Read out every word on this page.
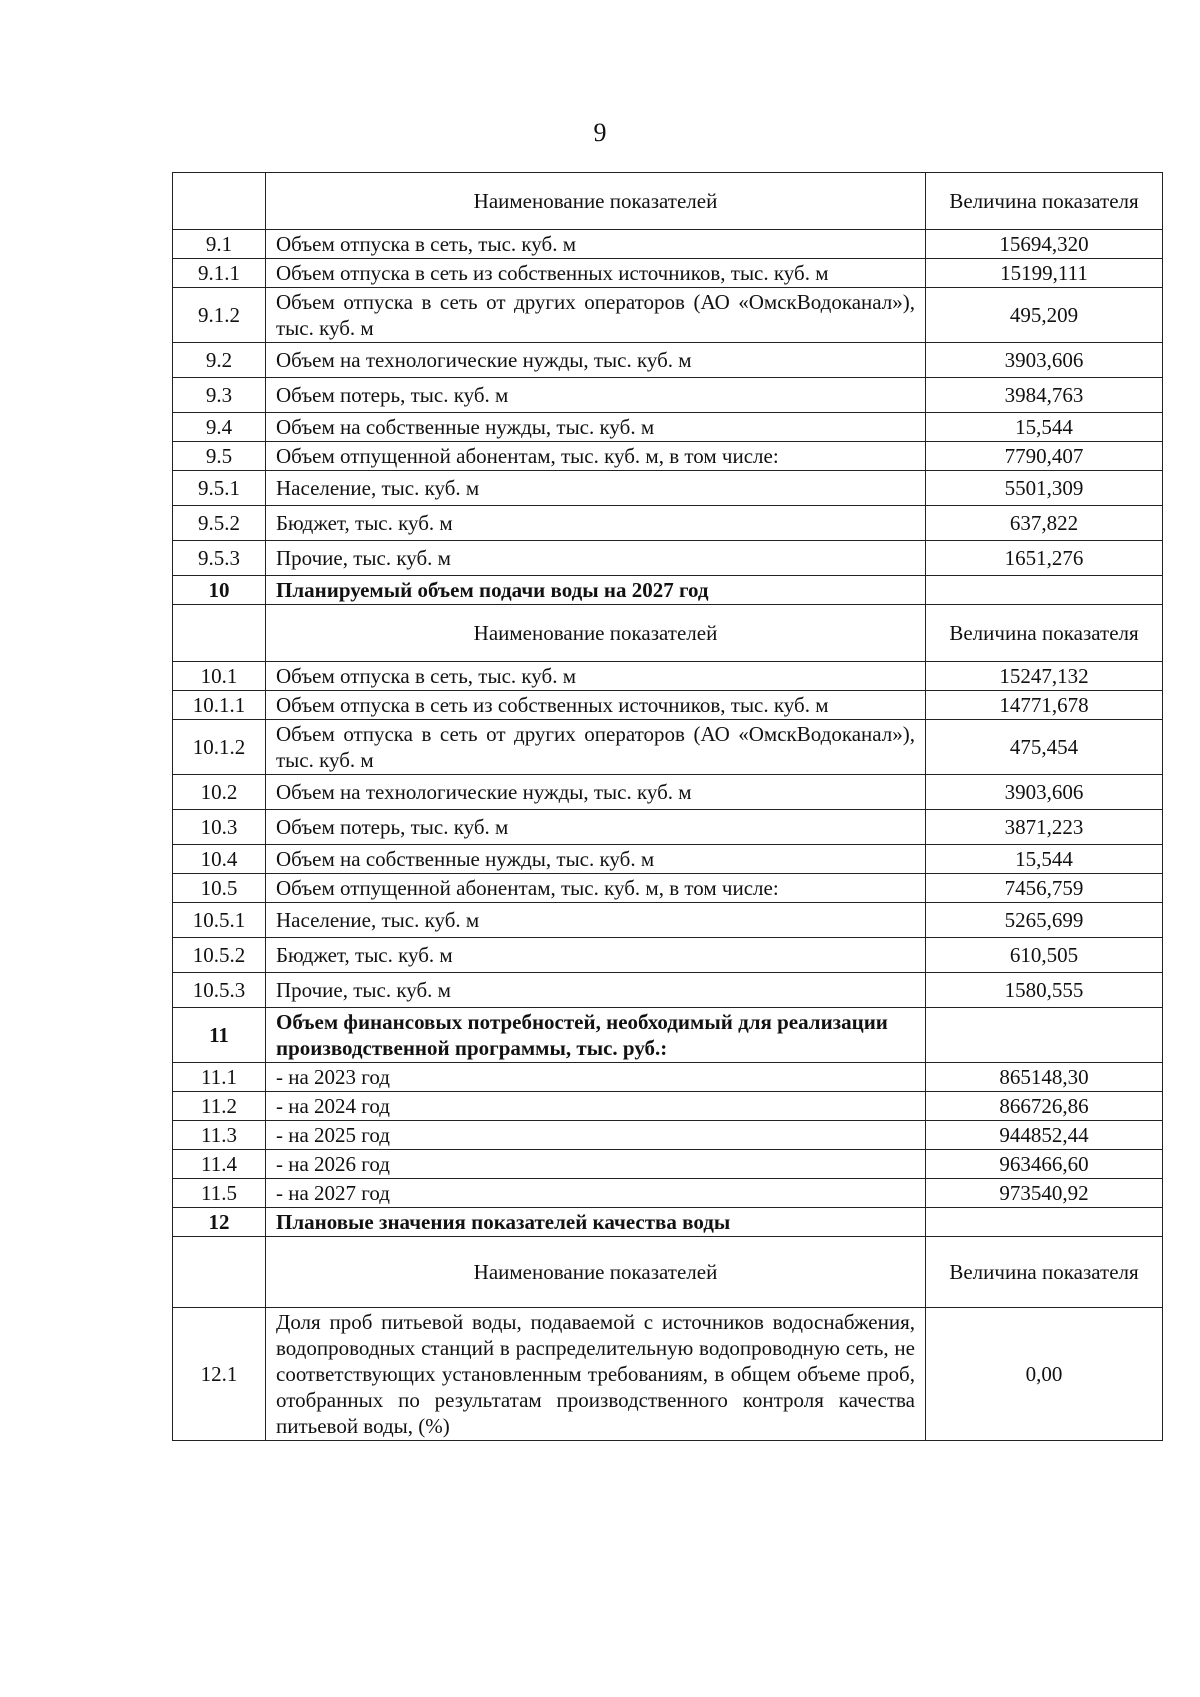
9
	Наименование показателей	Величина показателя
9.1	Объем отпуска в сеть, тыс. куб. м	15694,320
9.1.1	Объем отпуска в сеть из собственных источников, тыс. куб. м	15199,111
9.1.2	Объем отпуска в сеть от других операторов (АО «ОмскВодоканал»), тыс. куб. м	495,209
9.2	Объем на технологические нужды, тыс. куб. м	3903,606
9.3	Объем потерь, тыс. куб. м	3984,763
9.4	Объем на собственные нужды, тыс. куб. м	15,544
9.5	Объем отпущенной абонентам, тыс. куб. м, в том числе:	7790,407
9.5.1	Население, тыс. куб. м	5501,309
9.5.2	Бюджет, тыс. куб. м	637,822
9.5.3	Прочие, тыс. куб. м	1651,276
10	Планируемый объем подачи воды на 2027 год	
	Наименование показателей	Величина показателя
10.1	Объем отпуска в сеть, тыс. куб. м	15247,132
10.1.1	Объем отпуска в сеть из собственных источников, тыс. куб. м	14771,678
10.1.2	Объем отпуска в сеть от других операторов (АО «ОмскВодоканал»), тыс. куб. м	475,454
10.2	Объем на технологические нужды, тыс. куб. м	3903,606
10.3	Объем потерь, тыс. куб. м	3871,223
10.4	Объем на собственные нужды, тыс. куб. м	15,544
10.5	Объем отпущенной абонентам, тыс. куб. м, в том числе:	7456,759
10.5.1	Население, тыс. куб. м	5265,699
10.5.2	Бюджет, тыс. куб. м	610,505
10.5.3	Прочие, тыс. куб. м	1580,555
11	Объем финансовых потребностей, необходимый для реализации производственной программы, тыс. руб.:	
11.1	- на 2023 год	865148,30
11.2	- на 2024 год	866726,86
11.3	- на 2025 год	944852,44
11.4	- на 2026 год	963466,60
11.5	- на 2027 год	973540,92
12	Плановые значения показателей качества воды	
	Наименование показателей	Величина показателя
12.1	Доля проб питьевой воды, подаваемой с источников водоснабжения, водопроводных станций в распределительную водопроводную сеть, не соответствующих установленным требованиям, в общем объеме проб, отобранных по результатам производственного контроля качества питьевой воды, (%)	0,00
